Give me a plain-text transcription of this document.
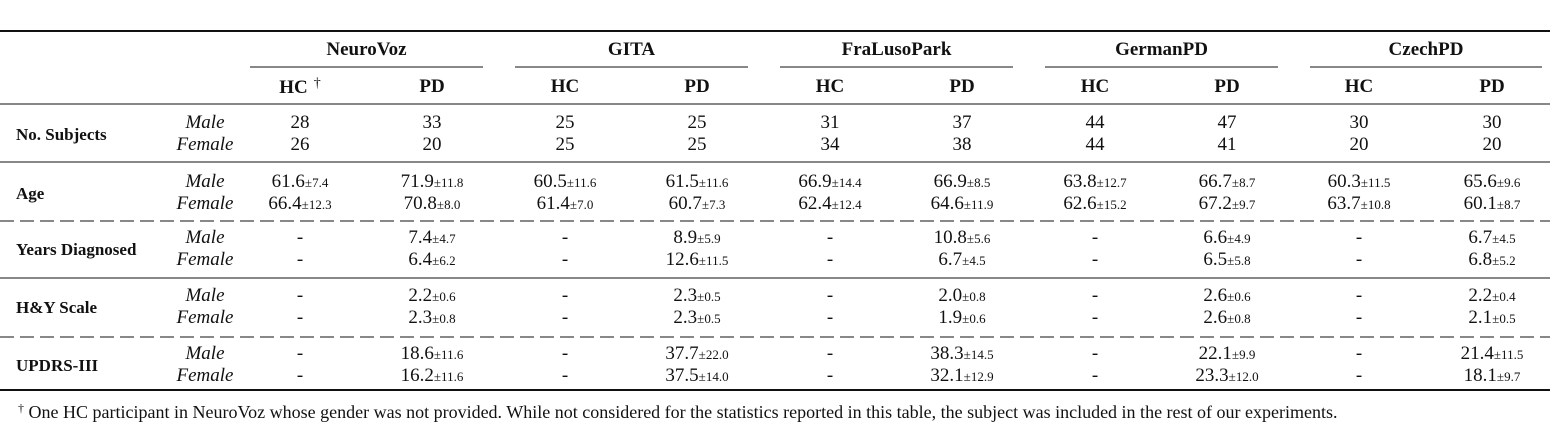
NeuroVoz
HC †	PD
GITA
HC	PD
FraLusoPark
HC	PD
GermanPD
HC	PD
CzechPD
HC	PD
No. Subjects
Male	28	33	25	25	31	37	44	47	30	30
Female	26	20	25	25	34	38	44	41	20	20
Age
Male 61.6±7.4	71.9±11.8	60.5±11.6	61.5±11.6	66.9±14.4	66.9±8.5	63.8±12.7	66.7±8.7	60.3±11.5	65.6±9.6
Female 66.4±12.3	70.8±8.0	61.4±7.0	60.7±7.3	62.4±12.4	64.6±11.9	62.6±15.2	67.2±9.7	63.7±10.8	60.1±8.7
Years Diagnosed
Male	-	7.4±4.7	-	8.9±5.9	-	10.8±5.6	-	6.6±4.9	-	6.7±4.5
Female	-	6.4±6.2	-	12.6±11.5	-	6.7±4.5	-	6.5±5.8	-	6.8±5.2
H&Y Scale
Male	-	2.2±0.6	-	2.3±0.5	-	2.0±0.8	-	2.6±0.6	-	2.2±0.4
Female	-	2.3±0.8	-	2.3±0.5	-	1.9±0.6	-	2.6±0.8	-	2.1±0.5
UPDRS-III
Male	-	18.6±11.6	-	37.7±22.0	-	38.3±14.5	-	22.1±9.9	-	21.4±11.5
Female	-	16.2±11.6	-	37.5±14.0	-	32.1±12.9	-	23.3±12.0	-	18.1±9.7
† One HC participant in NeuroVoz whose gender was not provided. While not considered for the statistics reported in this table, the subject was included in the rest of our experiments.
